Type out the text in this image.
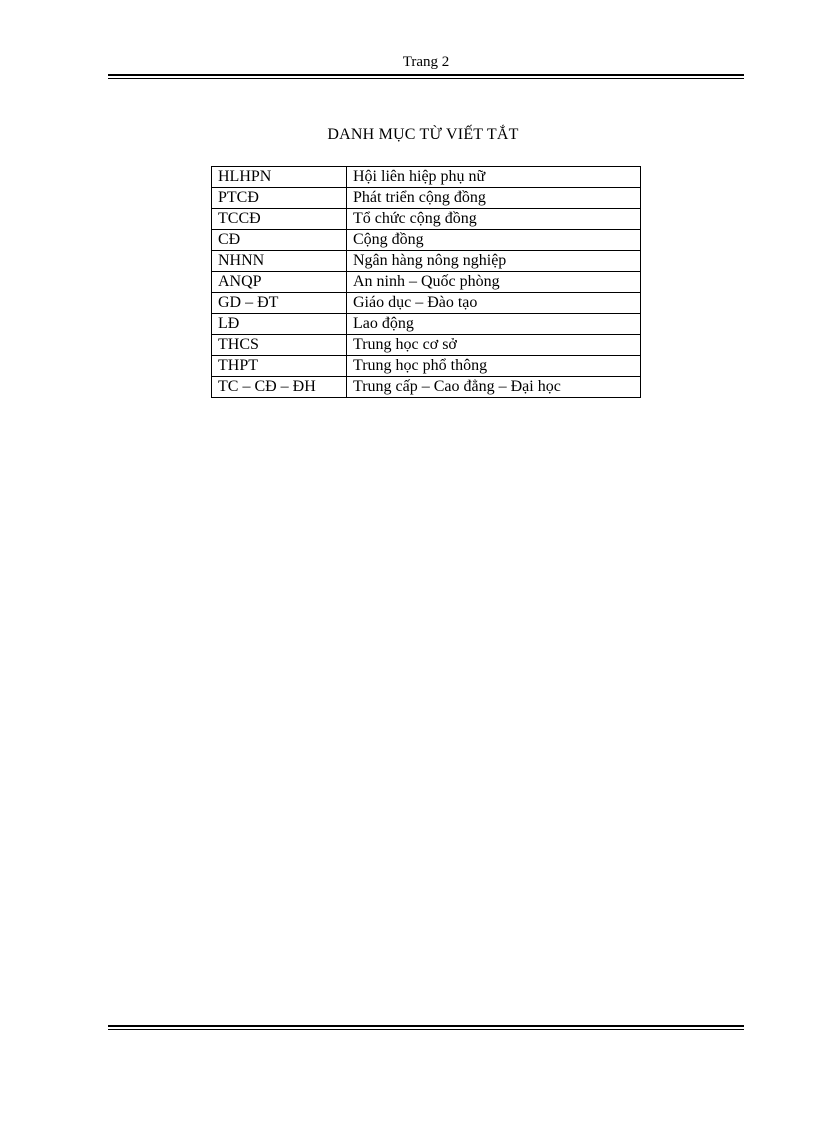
Trang 2
DANH MỤC TỪ VIẾT TẮT
HLHPN	Hội liên hiệp phụ nữ
PTCĐ	Phát triển cộng đồng
TCCĐ	Tổ chức cộng đồng
CĐ	Cộng đồng
NHNN	Ngân hàng nông nghiệp
ANQP	An ninh – Quốc phòng
GD – ĐT	Giáo dục – Đào tạo
LĐ	Lao động
THCS	Trung học cơ sở
THPT	Trung học phổ thông
TC – CĐ – ĐH	Trung cấp – Cao đẳng – Đại học
